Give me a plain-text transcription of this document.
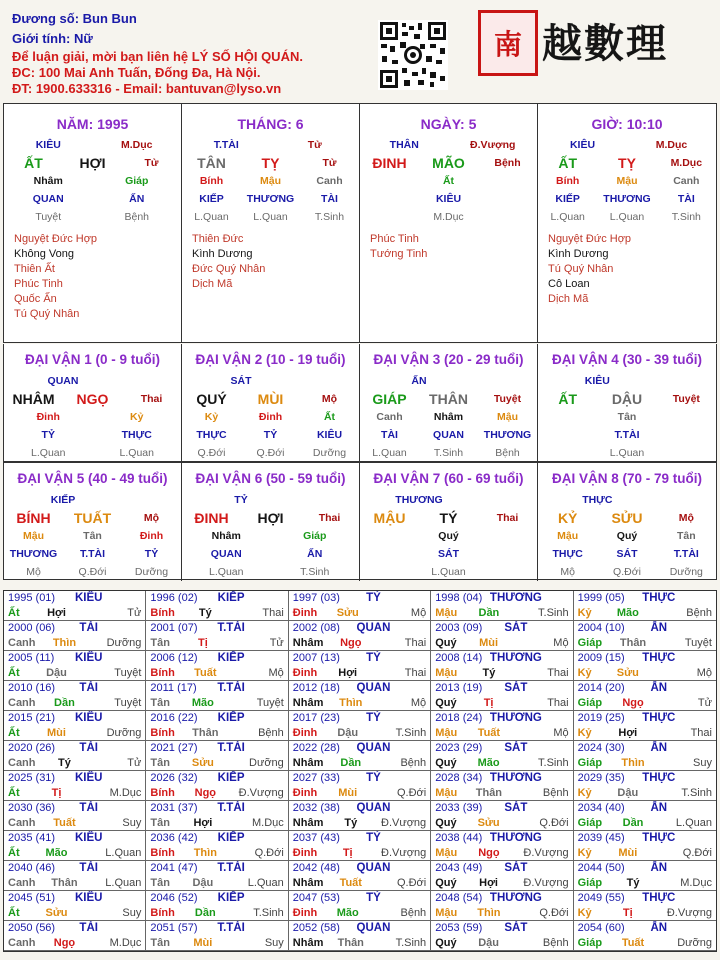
Đương số: Bun Bun
Giới tính: Nữ
Để luận giải, mời bạn liên hệ LÝ SỐ HỘI QUÁN.
ĐC: 100 Mai Anh Tuấn, Đống Đa, Hà Nội.
ĐT: 1900.633316 - Email: bantuvan@lyso.vn
南 越數理
NĂM: 1995
KIÊU	M.Dục
ẤT	HỢI	Tử
Nhâm	Giáp
QUAN	ẤN
Tuyệt	Bệnh
Nguyệt Đức Hợp
Không Vong
Thiên Ất
Phúc Tinh
Quốc Ấn
Tú Quý Nhân
THÁNG: 6
T.TÀI	Tử
TÂN	TỴ	Tử
Bính	Mậu	Canh
KIẾP	THƯƠNG	TÀI
L.Quan	L.Quan	T.Sinh
Thiên Đức
Kình Dương
Đức Quý Nhân
Dịch Mã
NGÀY: 5
THÂN	Đ.Vượng
ĐINH	MÃO	Bệnh
Ất
KIÊU
M.Dục
Phúc Tinh
Tướng Tinh
GIỜ: 10:10
KIÊU	M.Dục
ẤT	TỴ	M.Dục
Bính	Mậu	Canh
KIẾP	THƯƠNG	TÀI
L.Quan	L.Quan	T.Sinh
Nguyệt Đức Hợp
Kình Dương
Tú Quý Nhân
Cô Loan
Dịch Mã
ĐẠI VẬN 1 (0 - 9 tuổi)
QUAN
NHÂM	NGỌ	Thai
Đinh	Kỷ
TỶ	THỰC
L.Quan	L.Quan
ĐẠI VẬN 2 (10 - 19 tuổi)
SÁT
QUÝ	MÙI	Mộ
Kỷ	Đinh	Ất
THỰC	TỶ	KIÊU
Q.Đới	Q.Đới	Dưỡng
ĐẠI VẬN 3 (20 - 29 tuổi)
ẤN
GIÁP	THÂN	Tuyệt
Canh	Nhâm	Mậu
TÀI	QUAN	THƯƠNG
L.Quan	T.Sinh	Bệnh
ĐẠI VẬN 4 (30 - 39 tuổi)
KIÊU
ẤT	DẬU	Tuyệt
Tân
T.TÀI
L.Quan
ĐẠI VẬN 5 (40 - 49 tuổi)
KIẾP
BÍNH	TUẤT	Mộ
Mậu	Tân	Đinh
THƯƠNG	T.TÀI	TỶ
Mộ	Q.Đới	Dưỡng
ĐẠI VẬN 6 (50 - 59 tuổi)
TỶ
ĐINH	HỢI	Thai
Nhâm	Giáp
QUAN	ẤN
L.Quan	T.Sinh
ĐẠI VẬN 7 (60 - 69 tuổi)
THƯƠNG
MẬU	TÝ	Thai
Quý
SÁT
L.Quan
ĐẠI VẬN 8 (70 - 79 tuổi)
THỰC
KỶ	SỬU	Mộ
Mậu	Quý	Tân
THỰC	SÁT	T.TÀI
Mộ	Q.Đới	Dưỡng
1995 (01)	KIÊU
Ất Hợi	Tử
1996 (02)	KIẾP
Bính Tý	Thai
1997 (03)	TỶ
Đinh Sửu	Mộ
1998 (04) THƯƠNG
Mậu Dần	T.Sinh
1999 (05)	THỰC
Kỷ Mão	Bệnh
2000 (06)	TÀI
Canh Thìn	Dưỡng
2001 (07)	T.TÀI
Tân	Tị	Tử
2002 (08)	QUAN
Nhâm Ngọ	Thai
2003 (09)	SÁT
Quý Mùi	Mộ
2004 (10)	ẤN
Giáp Thân	Tuyệt
2005 (11)	KIÊU
Ất Dậu	Tuyệt
2006 (12)	KIẾP
Bính Tuất	Mộ
2007 (13)	TỶ
Đinh Hợi	Thai
2008 (14) THƯƠNG
Mậu Tý	Thai
2009 (15)	THỰC
Kỷ Sửu	Mộ
2010 (16)	TÀI
Canh Dần	Tuyệt
2011 (17)	T.TÀI
Tân Mão	Tuyệt
2012 (18)	QUAN
Nhâm Thìn	Mộ
2013 (19)	SÁT
Quý Tị	Thai
2014 (20)	ẤN
Giáp Ngọ	Tử
2015 (21)	KIÊU
Ất Mùi	Dưỡng
2016 (22)	KIẾP
Bính Thân	Bệnh
2017 (23)	TỶ
Đinh Dậu	T.Sinh
2018 (24) THƯƠNG
Mậu Tuất	Mộ
2019 (25)	THỰC
Kỷ Hợi	Thai
2020 (26)	TÀI
Canh Tý	Tử
2021 (27)	T.TÀI
Tân Sửu	Dưỡng
2022 (28)	QUAN
Nhâm Dần	Bệnh
2023 (29)	SÁT
Quý Mão	T.Sinh
2024 (30)	ẤN
Giáp Thìn	Suy
2025 (31)	KIÊU
Ất	Tị	M.Dục
2026 (32)	KIẾP
Bính Ngọ Đ.Vượng
2027 (33)	TỶ
Đinh Mùi	Q.Đới
2028 (34) THƯƠNG
Mậu Thân	Bệnh
2029 (35)	THỰC
Kỷ Dậu	T.Sinh
2030 (36)	TÀI
Canh Tuất	Suy
2031 (37)	T.TÀI
Tân Hợi	M.Dục
2032 (38)	QUAN
Nhâm Tý Đ.Vượng
2033 (39)	SÁT
Quý Sửu	Q.Đới
2034 (40)	ẤN
Giáp Dần	L.Quan
2035 (41)	KIÊU
Ất Mão	L.Quan
2036 (42)	KIẾP
Bính Thìn	Q.Đới
2037 (43)	TỶ
Đinh Tị	Đ.Vượng
2038 (44) THƯƠNG
Mậu Ngọ Đ.Vượng
2039 (45)	THỰC
Kỷ Mùi	Q.Đới
2040 (46)	TÀI
Canh Thân	L.Quan
2041 (47)	T.TÀI
Tân Dậu	L.Quan
2042 (48)	QUAN
Nhâm Tuất	Q.Đới
2043 (49)	SÁT
Quý Hợi Đ.Vượng
2044 (50)	ẤN
Giáp Tý	M.Dục
2045 (51)	KIÊU
Ất Sửu	Suy
2046 (52)	KIẾP
Bính Dần	T.Sinh
2047 (53)	TỶ
Đinh Mão	Bệnh
2048 (54) THƯƠNG
Mậu Thìn	Q.Đới
2049 (55)	THỰC
Kỷ	Tị	Đ.Vượng
2050 (56)	TÀI
Canh Ngọ	M.Dục
2051 (57)	T.TÀI
Tân Mùi	Suy
2052 (58)	QUAN
Nhâm Thân	T.Sinh
2053 (59)	SÁT
Quý Dậu	Bệnh
2054 (60)	ẤN
Giáp Tuất	Dưỡng
